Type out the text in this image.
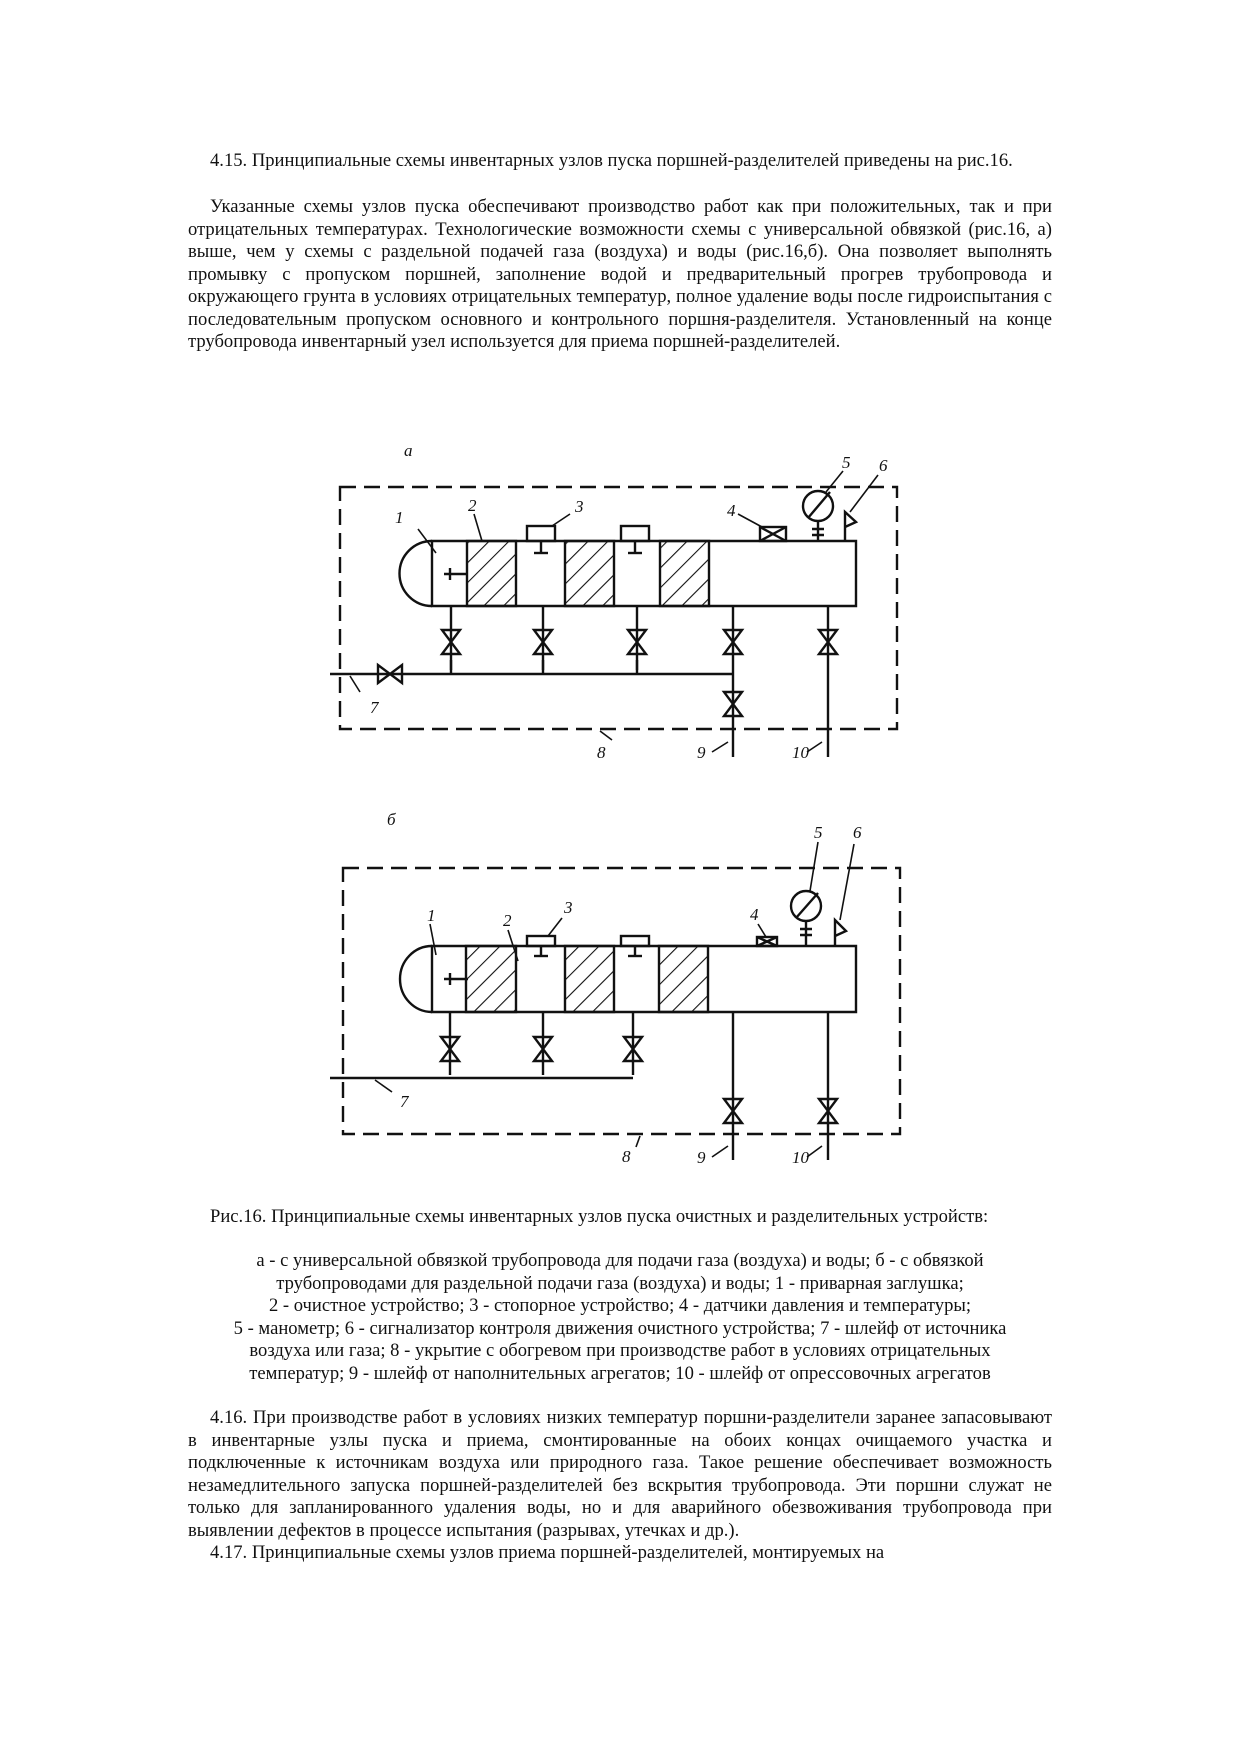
4.15. Принципиальные схемы инвентарных узлов пуска поршней-разделителей приведены на рис.16.

Указанные схемы узлов пуска обеспечивают производство работ как при положительных, так и при отрицательных температурах. Технологические возможности схемы с универсальной обвязкой (рис.16, а) выше, чем у схемы с раздельной подачей газа (воздуха) и воды (рис.16,б). Она позволяет выполнять промывку с пропуском поршней, заполнение водой и предварительный прогрев трубопровода и окружающего грунта в условиях отрицательных температур, полное удаление воды после гидроиспытания с последовательным пропуском основного и контрольного поршня-разделителя. Установленный на конце трубопровода инвентарный узел используется для приема поршней-разделителей.

а
1
2	3	4
5 6
7
8	9	10
б
1	2
3	4
5 6
7
8	9	10

Рис.16. Принципиальные схемы инвентарных узлов пуска очистных и разделительных устройств:

а - с универсальной обвязкой трубопровода для подачи газа (воздуха) и воды; б - с обвязкой
трубопроводами для раздельной подачи газа (воздуха) и воды; 1 - приварная заглушка;
2 - очистное устройство; 3 - стопорное устройство; 4 - датчики давления и температуры;
5 - манометр; 6 - сигнализатор контроля движения очистного устройства; 7 - шлейф от источника
воздуха или газа; 8 - укрытие с обогревом при производстве работ в условиях отрицательных
температур; 9 - шлейф от наполнительных агрегатов; 10 - шлейф от опрессовочных агрегатов

4.16. При производстве работ в условиях низких температур поршни-разделители заранее запасовывают в инвентарные узлы пуска и приема, смонтированные на обоих концах очищаемого участка и подключенные к источникам воздуха или природного газа. Такое решение обеспечивает возможность незамедлительного запуска поршней-разделителей без вскрытия трубопровода. Эти поршни служат не только для запланированного удаления воды, но и для аварийного обезвоживания трубопровода при выявлении дефектов в процессе испытания (разрывах, утечках и др.).

4.17. Принципиальные схемы узлов приема поршней-разделителей, монтируемых на
